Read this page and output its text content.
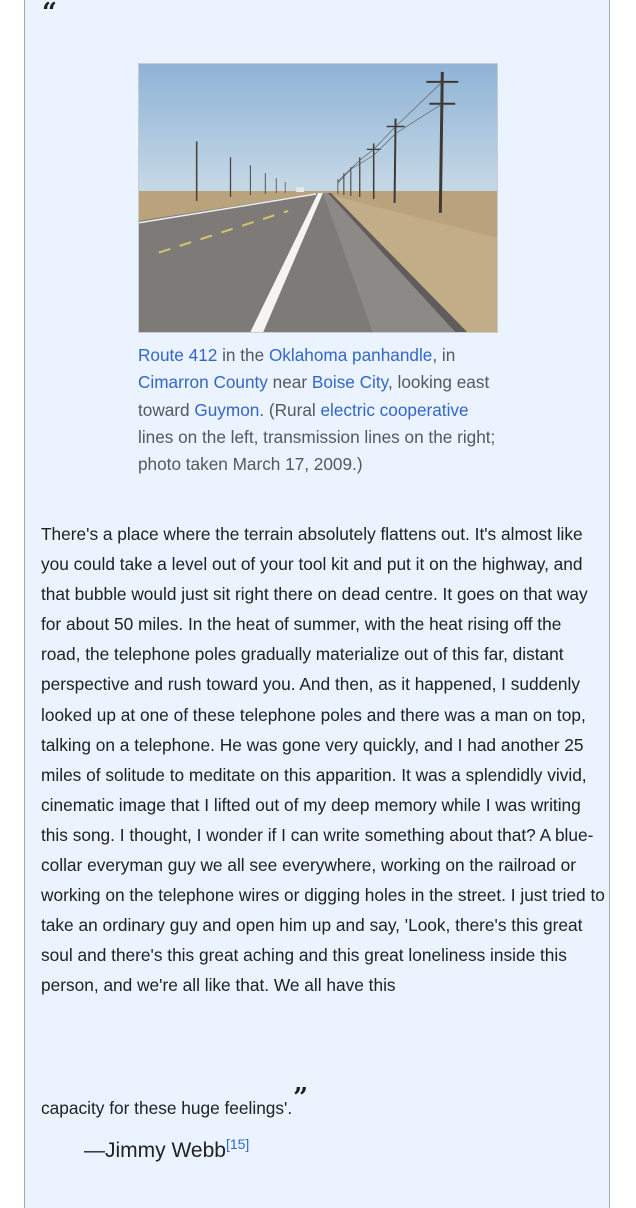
“

Route 412 in the Oklahoma panhandle, in Cimarron County near Boise City, looking east toward Guymon. (Rural electric cooperative lines on the left, transmission lines on the right; photo taken March 17, 2009.)

There's a place where the terrain absolutely flattens out. It's almost like you could take a level out of your tool kit and put it on the highway, and that bubble would just sit right there on dead centre. It goes on that way for about 50 miles. In the heat of summer, with the heat rising off the road, the telephone poles gradually materialize out of this far, distant perspective and rush toward you. And then, as it happened, I suddenly looked up at one of these telephone poles and there was a man on top, talking on a telephone. He was gone very quickly, and I had another 25 miles of solitude to meditate on this apparition. It was a splendidly vivid, cinematic image that I lifted out of my deep memory while I was writing this song. I thought, I wonder if I can write something about that? A blue-collar everyman guy we all see everywhere, working on the railroad or working on the telephone wires or digging holes in the street. I just tried to take an ordinary guy and open him up and say, 'Look, there's this great soul and there's this great aching and this great loneliness inside this person, and we're all like that. We all have this

capacity for these huge feelings'.”

—Jimmy Webb[15]
